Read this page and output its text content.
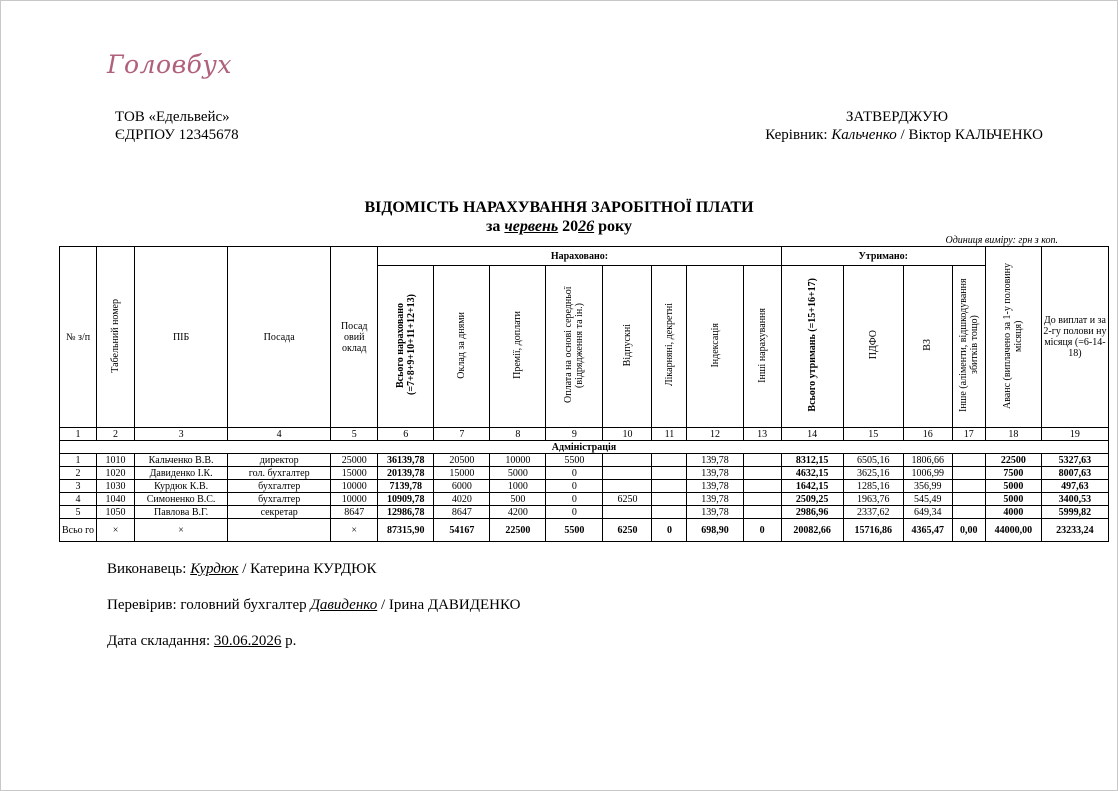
Головбух
ТОВ «Едельвейс»
ЄДРПОУ 12345678
ЗАТВЕРДЖУЮ
Керівник: Кальченко / Віктор КАЛЬЧЕНКО
ВІДОМІСТЬ НАРАХУВАННЯ ЗАРОБІТНОЇ ПЛАТИ
за червень 2026 року
Одиниця виміру: грн з коп.
№ з/п	Табельний номер	ПІБ	Посада	Посад овий оклад	Нараховано:								Утримано:				Аванс (виплачено за 1-у половину місяця)	До виплат и за 2-гу полови ну місяця (=6-14-18)
					Всього нараховано (=7+8+9+10+11+12+13)	Оклад за днями	Премії, доплати	Оплата на основі середньої (відрядження та ін.)	Відпускні	Лікарняні, декретні	Індексація	Інші нарахування	Всього утримань (=15+16+17)	ПДФО	ВЗ	Інше (аліменти, відшкодування збитків тощо)		
1	2	3	4	5	6	7	8	9	10	11	12	13	14	15	16	17	18	19
Адміністрація																		
1	1010	Кальченко В.В.	директор	25000	36139,78	20500	10000	5500			139,78		8312,15	6505,16	1806,66		22500	5327,63
2	1020	Давиденко І.К.	гол. бухгалтер	15000	20139,78	15000	5000	0			139,78		4632,15	3625,16	1006,99		7500	8007,63
3	1030	Курдюк К.В.	бухгалтер	10000	7139,78	6000	1000	0			139,78		1642,15	1285,16	356,99		5000	497,63
4	1040	Симоненко В.С.	бухгалтер	10000	10909,78	4020	500	0	6250		139,78		2509,25	1963,76	545,49		5000	3400,53
5	1050	Павлова В.Г.	секретар	8647	12986,78	8647	4200	0			139,78		2986,96	2337,62	649,34		4000	5999,82
Всьо го	×	×		×	87315,90	54167	22500	5500	6250	0	698,90	0	20082,66	15716,86	4365,47	0,00	44000,00	23233,24
Виконавець: Курдюк / Катерина КУРДЮК
Перевірив: головний бухгалтер Давиденко / Ірина ДАВИДЕНКО
Дата складання: 30.06.2026 р.
